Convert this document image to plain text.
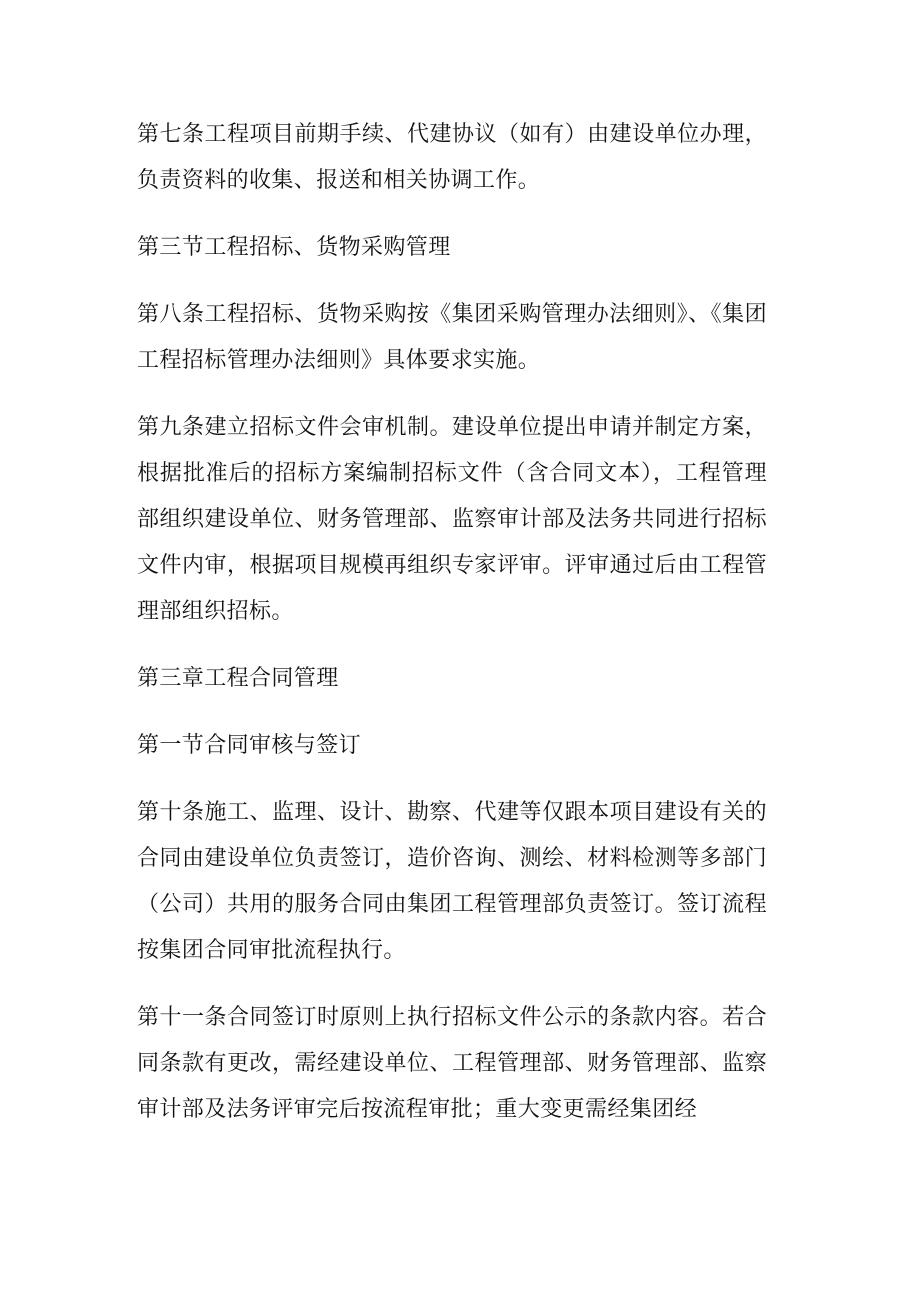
第七条工程项目前期手续、代建协议（如有）由建设单位办理，负责资料的收集、报送和相关协调工作。

第三节工程招标、货物采购管理

第八条工程招标、货物采购按《集团采购管理办法细则》、《集团工程招标管理办法细则》具体要求实施。

第九条建立招标文件会审机制。建设单位提出申请并制定方案，根据批准后的招标方案编制招标文件（含合同文本），工程管理部组织建设单位、财务管理部、监察审计部及法务共同进行招标文件内审，根据项目规模再组织专家评审。评审通过后由工程管理部组织招标。

第三章工程合同管理

第一节合同审核与签订

第十条施工、监理、设计、勘察、代建等仅跟本项目建设有关的合同由建设单位负责签订，造价咨询、测绘、材料检测等多部门（公司）共用的服务合同由集团工程管理部负责签订。签订流程按集团合同审批流程执行。

第十一条合同签订时原则上执行招标文件公示的条款内容。若合同条款有更改，需经建设单位、工程管理部、财务管理部、监察审计部及法务评审完后按流程审批；重大变更需经集团经
